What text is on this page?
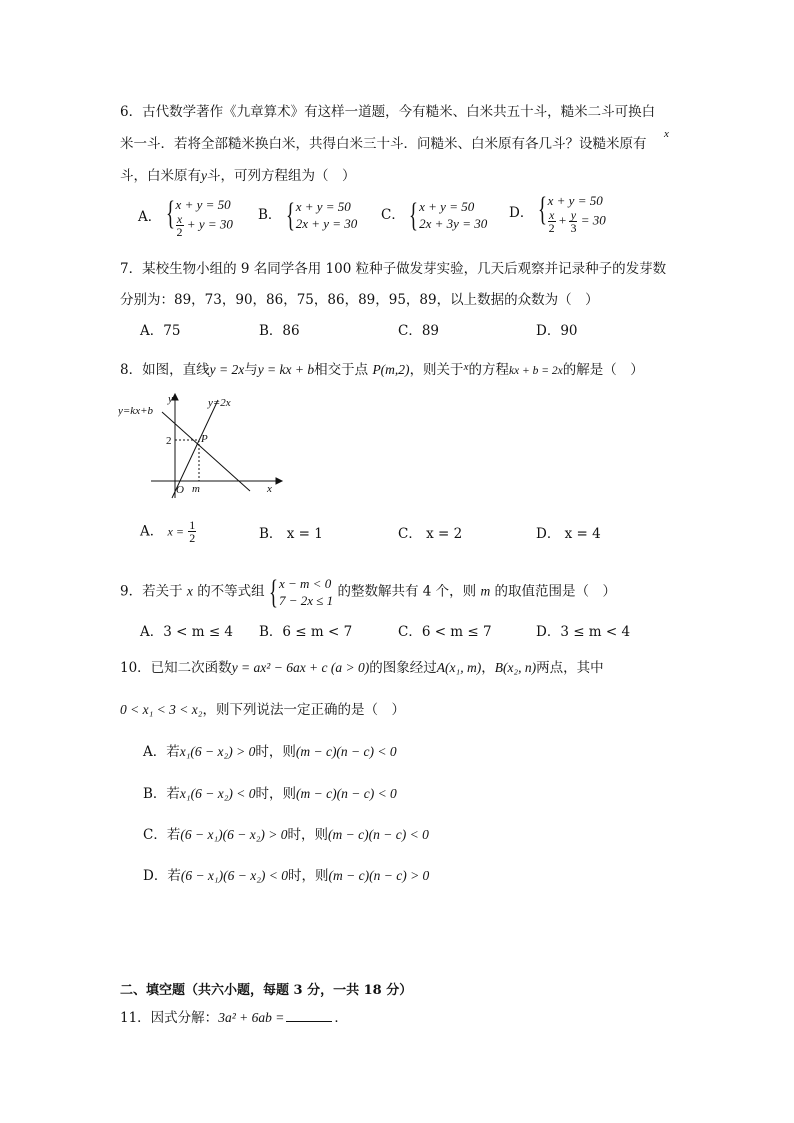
6．古代数学著作《九章算术》有这样一道题，今有糙米、白米共五十斗，糙米二斗可换白
米一斗．若将全部糙米换白米，共得白米三十斗．问糙米、白米原有各几斗？设糙米原有
x
斗，白米原有y斗，可列方程组为（　）
A． { x + y = 50
$\frac{x}{2} + y = 30$
B． { x + y = 50
2x + y = 30
C． { x + y = 50
2x + 3y = 30
D． { x + y = 50
$\frac{x}{2} + \frac{y}{3} = 30$
7．某校生物小组的 9 名同学各用 100 粒种子做发芽实验，几天后观察并记录种子的发芽数
分别为：89，73，90，86，75，86，89，95，89，以上数据的众数为（　）
A．75	B．86	C．89	D．90
8．如图，直线y = 2x与y = kx + b相交于点 P(m,2)，则关于$^x$的方程kx + b = 2x的解是（　）
y=kx+b
y=2x
y
x
O m
P
2
A． $x = \frac{1}{2}$	B． x = 1	C． x = 2	D． x = 4
9．若关于 x 的不等式组 { x − m < 0
7 − 2x ≤ 1
的整数解共有 4 个，则 m 的取值范围是（　）
A．3 < m ≤ 4 B．6 ≤ m < 7	C．6 < m ≤ 7	D．3 ≤ m < 4
10．已知二次函数y = ax² − 6ax + c (a > 0)的图象经过A(x₁, m)，B(x₂, n)两点，其中
0 < x₁ < 3 < x₂，则下列说法一定正确的是（　）
A．若x₁(6 − x₂) > 0时，则(m − c)(n − c) < 0
B．若x₁(6 − x₂) < 0时，则(m − c)(n − c) < 0
C．若(6 − x₁)(6 − x₂) > 0时，则(m − c)(n − c) < 0
D．若(6 − x₁)(6 − x₂) < 0时，则(m − c)(n − c) > 0
二、填空题（共六小题，每题 3 分，一共 18 分）
11．因式分解：3a² + 6ab =	．
